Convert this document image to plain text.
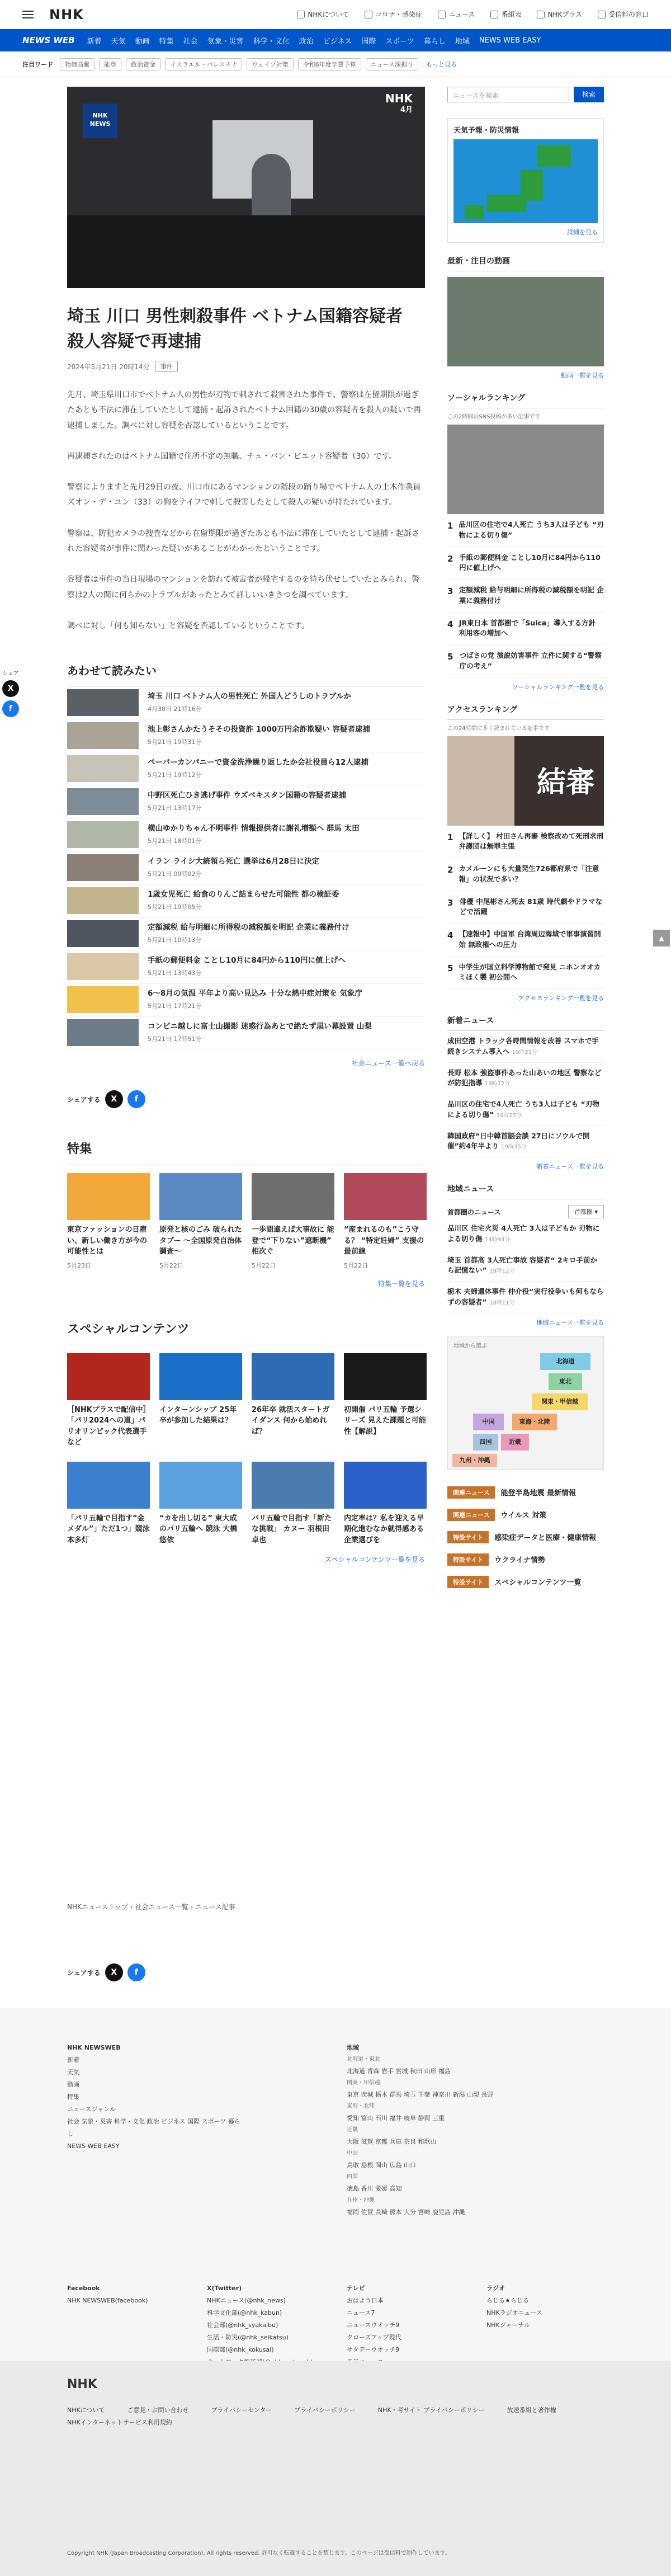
NHK	NHKについて	コロナ・感染症	ニュース	番組表	NHKプラス	受信料の窓口
NEWS WEB 新着 天気 動画 特集 社会 気象・災害 科学・文化 政治 ビジネス 国際 スポーツ 暮らし 地域 NEWS WEB EASY
注目ワード	物価高騰	能登	政治資金	イスラエル・パレスチナ	ウェイプ対策	令和6年度学費予算	ニュース深掘り	もっと見る
シェア
X f
▲
NHK NEWS
NHK
4月
埼玉 川口 男性刺殺事件 ベトナム国籍容疑者 殺人容疑で再逮捕
2024年5月21日 20時14分	事件

先月、埼玉県川口市でベトナム人の男性が刃物で刺されて殺害された事件で、警察は在留期限が過ぎたあとも不法に滞在していたとして逮捕・起訴されたベトナム国籍の30歳の容疑者を殺人の疑いで再逮捕しました。調べに対し容疑を否認しているということです。

再逮捕されたのはベトナム国籍で住所不定の無職、チュ・バン・ビエット容疑者（30）です。

警察によりますと先月29日の夜、川口市にあるマンションの階段の踊り場でベトナム人の土木作業員ズオン・デ・ユン（33）の胸をナイフで刺して殺害したとして殺人の疑いが持たれています。

警察は、防犯カメラの捜査などから在留期限が過ぎたあとも不法に滞在していたとして逮捕・起訴された容疑者が事件に関わった疑いがあることがわかったということです。

容疑者は事件の当日現場のマンションを訪れて被害者が帰宅するのを待ち伏せしていたとみられ、警察は2人の間に何らかのトラブルがあったとみて詳しいいきさつを調べています。

調べに対し「何も知らない」と容疑を否認しているということです。

あわせて読みたい
埼玉 川口 ベトナム人の男性死亡 外国人どうしのトラブルか
4月30日 21時16分
池上彰さんかたうそその投資詐 1000万円余詐欺疑い 容疑者逮捕
5月21日 19時31分
ペーパーカンパニーで資金洗浄繰り返したか会社役員ら12人逮捕
5月21日 19時12分
中野区死亡ひき逃げ事件 ウズベキスタン国籍の容疑者逮捕
5月21日 13時17分
横山ゆかりちゃん不明事件 情報提供者に謝礼増額へ 群馬 太田
5月21日 18時01分
イラン ライシ大統領ら死亡 選挙は6月28日に決定
5月21日 09時02分
1歳女児死亡 給食のりんご詰まらせた可能性 都の検証委
5月21日 19時05分
定額減税 給与明細に所得税の減税額を明記 企業に義務付け
5月21日 10時13分
手紙の郵便料金 ことし10月に84円から110円に値上げへ
5月21日 13時43分
6～8月の気温 平年より高い見込み 十分な熱中症対策を 気象庁
5月21日 17時21分
コンビニ越しに富士山撮影 迷惑行為あとで絶たず黒い幕設置 山梨
5月21日 17時51分
社会ニュース一覧へ戻る
シェアする	X	f
特集
東京ファッションの日雇い、新しい働き方が今の可能性とは
5月23日
原発と核のごみ 破られたタブー 〜全国原発自治体調査〜
5月22日
一歩間違えば大事故に 能登で“下りない”遮断機” 相次ぐ
5月22日
“産まれるのも”こう守る？ “特定妊婦” 支援の最前線
5月22日
特集一覧を見る
スペシャルコンテンツ
［NHKプラスで配信中］「パリ2024への道」パリオリンピック代表選手など
インターンシップ 25年卒が参加した結果は？
26年卒 就活スタートガイダンス 何から始めれば？
初開催 パリ五輪 予選シリーズ 見えた課題と可能性【解説】
「パリ五輪で目指す“金メダル”」ただ1つ」競泳 本多灯
“カを出し切る” 東大成のパリ五輪へ 競泳 大橋悠依
パリ五輪で目指す「新たな挑戦」 カヌー 羽根田卓也
内定率は？私を迎える早期化進むなか就得感ある企業選びを
スペシャルコンテンツ一覧を見る
NHKニューストップ › 社会ニュース一覧 › ニュース記事
シェアする	X	f
ニュースを検索	検索
天気予報・防災情報
詳細を見る
最新・注目の動画
動画一覧を見る
ソーシャルランキング
この2時間のSNS投稿が多い記事です
1 品川区の住宅で4人死亡 うち3人は子ども “刃物による切り傷”
2 手紙の郵便料金 ことし10月に84円から110円に値上げへ
3 定額減税 給与明細に所得税の減税額を明記 企業に義務付け
4 JR東日本 首都圏で「Suica」導入する方針 利用客の増加へ
5 つばさの党 演説妨害事件 立件に関する“警察庁の考え”
ソーシャルランキング一覧を見る
アクセスランキング
この24時間に多く読まれている記事です
結審
1 【詳しく】 村田さん再審 検察改めて死刑求刑 弁護団は無罪主張
2 カメルーンにも大量発生726都府県で「注意報」の状況で多い？
3 俳優 中尾彬さん死去 81歳 時代劇やドラマなどで活躍
4 【速報中】中国軍 台湾周辺海域で軍事演習開始 無政権への圧力
5 中学生が国立科学博物館で発見 ニホンオオカミほく製 初公開へ
アクセスランキング一覧を見る
新着ニュース
成田空港 トラック各時間情報を改善 スマホで手続きシステム導入へ 19時21分
長野 松本 強盗事件あった山あいの地区 警察など が防犯指導 19時12分
品川区の住宅で4人死亡 うち3人は子ども “刃物による切り傷” 19時27分
韓国政府“日中韓首脳会談 27日にソウルで開催”約4年半より 19時35分
新着ニュース一覧を見る
地域ニュース
首都圏のニュース	首都圏 ▾
品川区 住宅火災 4人死亡 3人は子どもか 刃物による切り傷 14時44分
埼玉 首都高 3人死亡事故 容疑者“ 2キロ手前から記憶ない” 19時12分
栃木 夫婦遺体事件 仲介役“実行役争いも何もならずの容疑者” 18時11分
地域ニュース一覧を見る
地域から選ぶ
北海道
東北
関東・甲信越
東海・北陸
近畿
中国
四国
九州・沖縄
関連ニュース	能登半島地震 最新情報
関連ニュース	ウイルス 対策
特設サイト	感染症データと医療・健康情報
特設サイト	ウクライナ情勢
特設サイト	スペシャルコンテンツ一覧
NHK NEWSWEB
新着
天気
動画
特集
ニュースジャンル
社会 気象・災害 科学・文化 政治 ビジネス 国際 スポーツ 暮らし
NEWS WEB EASY
地域
北海道・東北
北海道 青森 岩手 宮城 秋田 山形 福島
関東・甲信越
東京 茨城 栃木 群馬 埼玉 千葉 神奈川 新潟 山梨 長野
東海・北陸
愛知 富山 石川 福井 岐阜 静岡 三重
近畿
大阪 滋賀 京都 兵庫 奈良 和歌山
中国
鳥取 島根 岡山 広島 山口
四国
徳島 香川 愛媛 高知
九州・沖縄
福岡 佐賀 長崎 熊本 大分 宮崎 鹿児島 沖縄
Facebook
NHK NEWSWEB(facebook)
X(Twitter)
NHKニュース(@nhk_news)
科学文化部(@nhk_kabun)
社会部(@nhk_syakaibu)
生活・防災(@nhk_seikatsu)
国際部(@nhk_kokusai)
テレビ
おはよう日本
ニュース7
ニュースウオッチ9
クローズアップ現代
サタデーウオッチ9
ラジオ
らじる★らじる
NHKラジオニュース
NHKジャーナル
NHK
NHKについて	ご意見・お問い合わせ	プライバシーセンター	プライバシーポリシー	NHK・考サイト プライバシーポリシー	放送番組と著作権
NHKインターネットサービス利用規約
Copyright NHK (Japan Broadcasting Corporation). All rights reserved. 許可なく転載することを禁じます。このページは受信料で制作しています。
